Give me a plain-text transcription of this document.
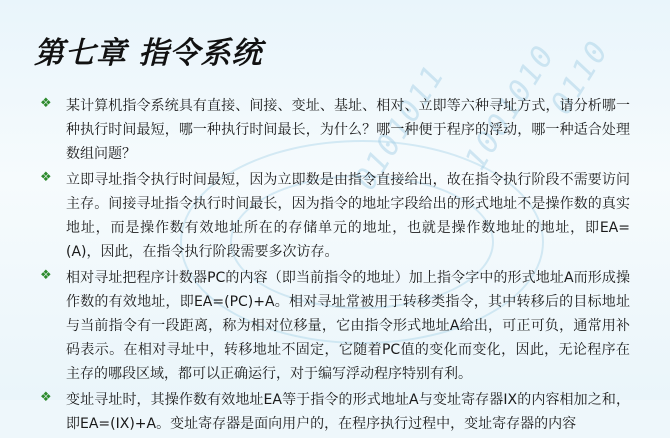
0101011 1001010
0110
第七章 指令系统
❖ 某计算机指令系统具有直接、间接、变址、基址、相对、立即等六种寻址方式，请分析哪一种执行时间最短，哪一种执行时间最长，为什么？哪一种便于程序的浮动，哪一种适合处理数组问题？
❖ 立即寻址指令执行时间最短，因为立即数是由指令直接给出，故在指令执行阶段不需要访问主存。间接寻址指令执行时间最长，因为指令的地址字段给出的形式地址不是操作数的真实地址，而是操作数有效地址所在的存储单元的地址，也就是操作数地址的地址，即EA=(A)，因此，在指令执行阶段需要多次访存。
❖ 相对寻址把程序计数器PC的内容（即当前指令的地址）加上指令字中的形式地址A而形成操作数的有效地址，即EA=(PC)+A。相对寻址常被用于转移类指令，其中转移后的目标地址与当前指令有一段距离，称为相对位移量，它由指令形式地址A给出，可正可负，通常用补码表示。在相对寻址中，转移地址不固定，它随着PC值的变化而变化，因此，无论程序在主存的哪段区域，都可以正确运行，对于编写浮动程序特别有利。
❖ 变址寻址时，其操作数有效地址EA等于指令的形式地址A与变址寄存器IX的内容相加之和，即EA=(IX)+A。变址寄存器是面向用户的，在程序执行过程中，变址寄存器的内容
